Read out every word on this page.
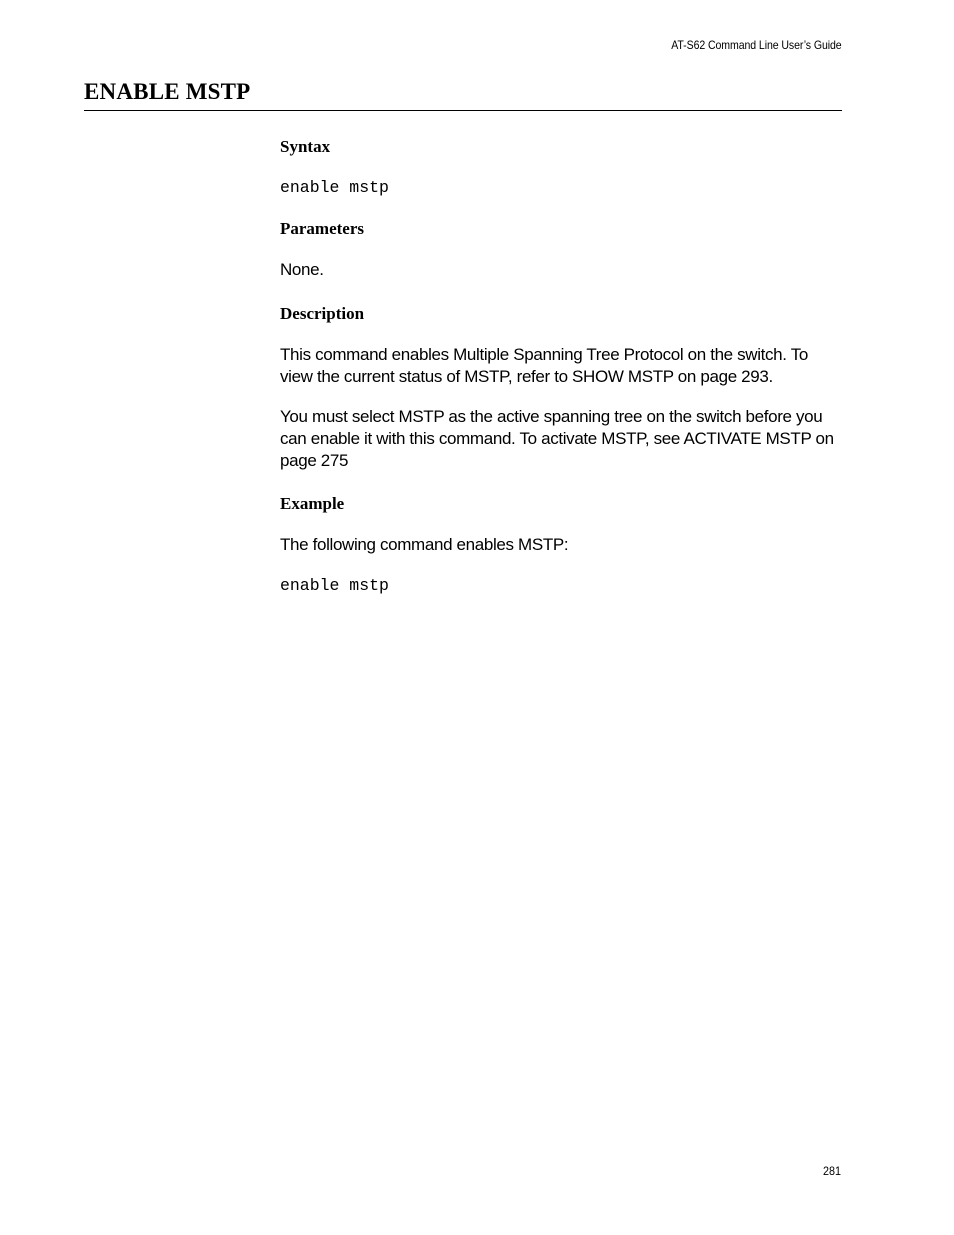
AT-S62 Command Line User’s Guide
ENABLE MSTP
Syntax

enable mstp

Parameters

None.

Description

This command enables Multiple Spanning Tree Protocol on the switch. To view the current status of MSTP, refer to SHOW MSTP on page 293.

You must select MSTP as the active spanning tree on the switch before you can enable it with this command. To activate MSTP, see ACTIVATE MSTP on page 275

Example

The following command enables MSTP:

enable mstp

281
